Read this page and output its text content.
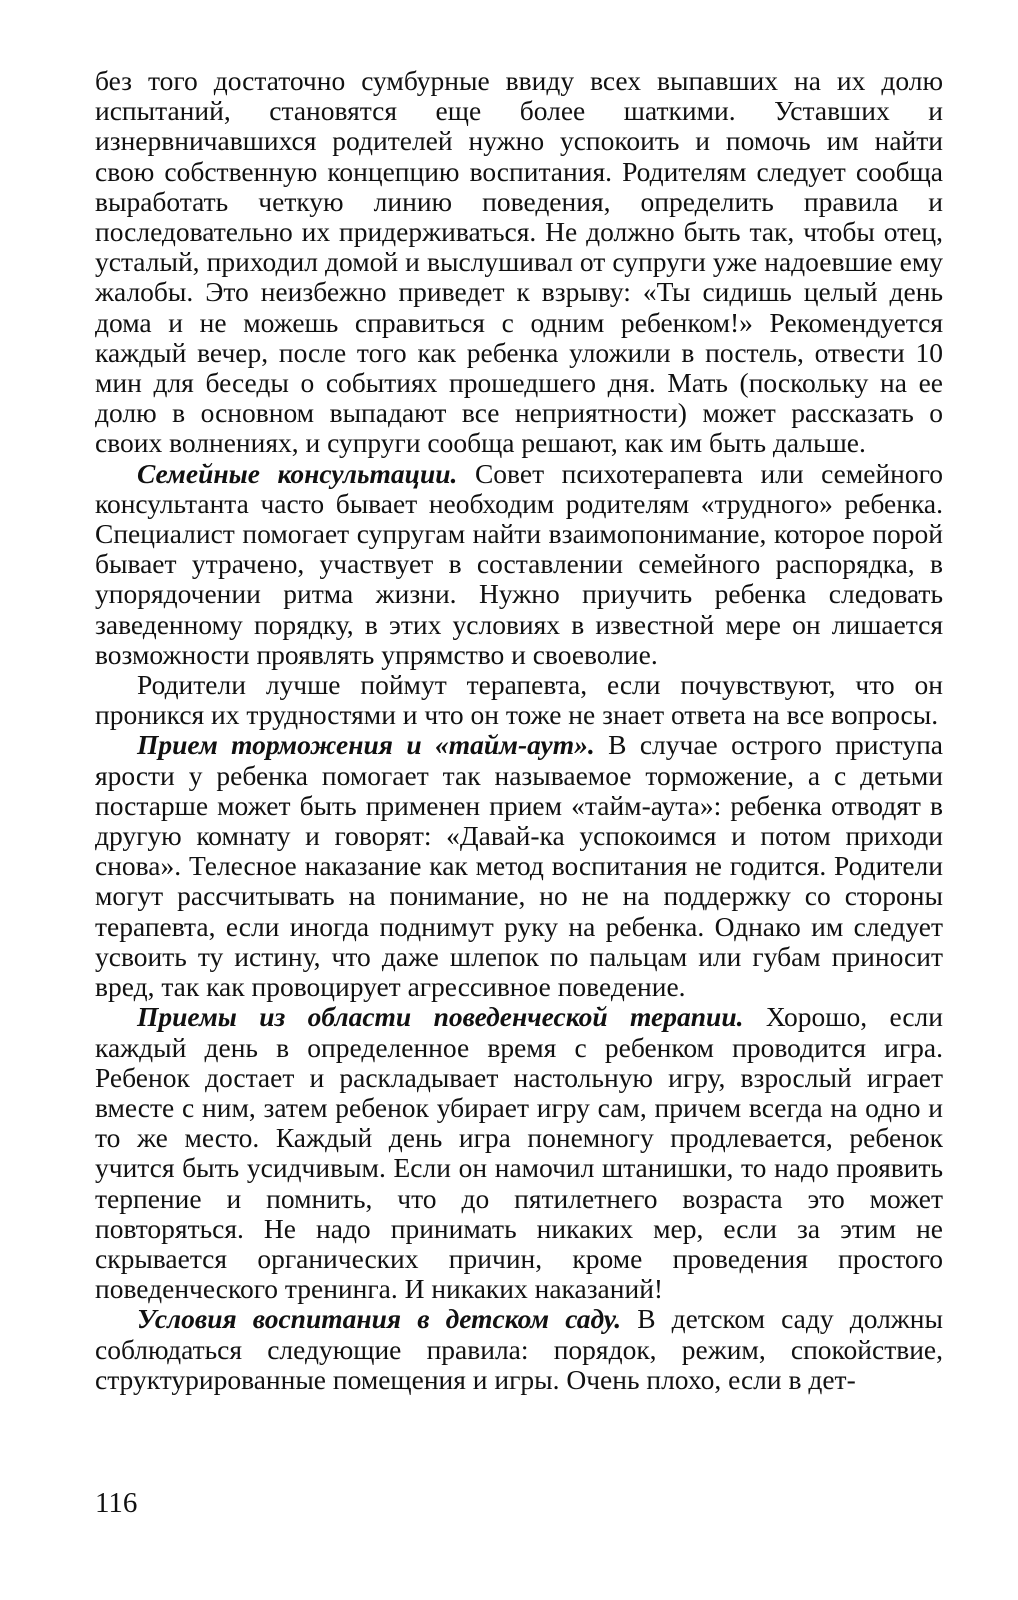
без того достаточно сумбурные ввиду всех выпавших на их долю испытаний, становятся еще более шаткими. Уставших и изнервничавшихся родителей нужно успокоить и помочь им найти свою собственную концепцию воспитания. Родителям следует сообща выработать четкую линию поведения, определить правила и последовательно их придерживаться. Не должно быть так, чтобы отец, усталый, приходил домой и выслушивал от супруги уже надоевшие ему жалобы. Это неизбежно приведет к взрыву: «Ты сидишь целый день дома и не можешь справиться с одним ребенком!» Рекомендуется каждый вечер, после того как ребенка уложили в постель, отвести 10 мин для беседы о событиях прошедшего дня. Мать (поскольку на ее долю в основном выпадают все неприятности) может рассказать о своих волнениях, и супруги сообща решают, как им быть дальше.

Семейные консультации. Совет психотерапевта или семейного консультанта часто бывает необходим родителям «трудного» ребенка. Специалист помогает супругам найти взаимопонимание, которое порой бывает утрачено, участвует в составлении семейного распорядка, в упорядочении ритма жизни. Нужно приучить ребенка следовать заведенному порядку, в этих условиях в известной мере он лишается возможности проявлять упрямство и своеволие.

Родители лучше поймут терапевта, если почувствуют, что он проникся их трудностями и что он тоже не знает ответа на все вопросы.

Прием торможения и «тайм-аут». В случае острого приступа ярости у ребенка помогает так называемое торможение, а с детьми постарше может быть применен прием «тайм-аута»: ребенка отводят в другую комнату и говорят: «Давай-ка успокоимся и потом приходи снова». Телесное наказание как метод воспитания не годится. Родители могут рассчитывать на понимание, но не на поддержку со стороны терапевта, если иногда поднимут руку на ребенка. Однако им следует усвоить ту истину, что даже шлепок по пальцам или губам приносит вред, так как провоцирует агрессивное поведение.

Приемы из области поведенческой терапии. Хорошо, если каждый день в определенное время с ребенком проводится игра. Ребенок достает и раскладывает настольную игру, взрослый играет вместе с ним, затем ребенок убирает игру сам, причем всегда на одно и то же место. Каждый день игра понемногу продлевается, ребенок учится быть усидчивым. Если он намочил штанишки, то надо проявить терпение и помнить, что до пятилетнего возраста это может повторяться. Не надо принимать никаких мер, если за этим не скрывается органических причин, кроме проведения простого поведенческого тренинга. И никаких наказаний!

Условия воспитания в детском саду. В детском саду должны соблюдаться следующие правила: порядок, режим, спокойствие, структурированные помещения и игры. Очень плохо, если в дет-

116
